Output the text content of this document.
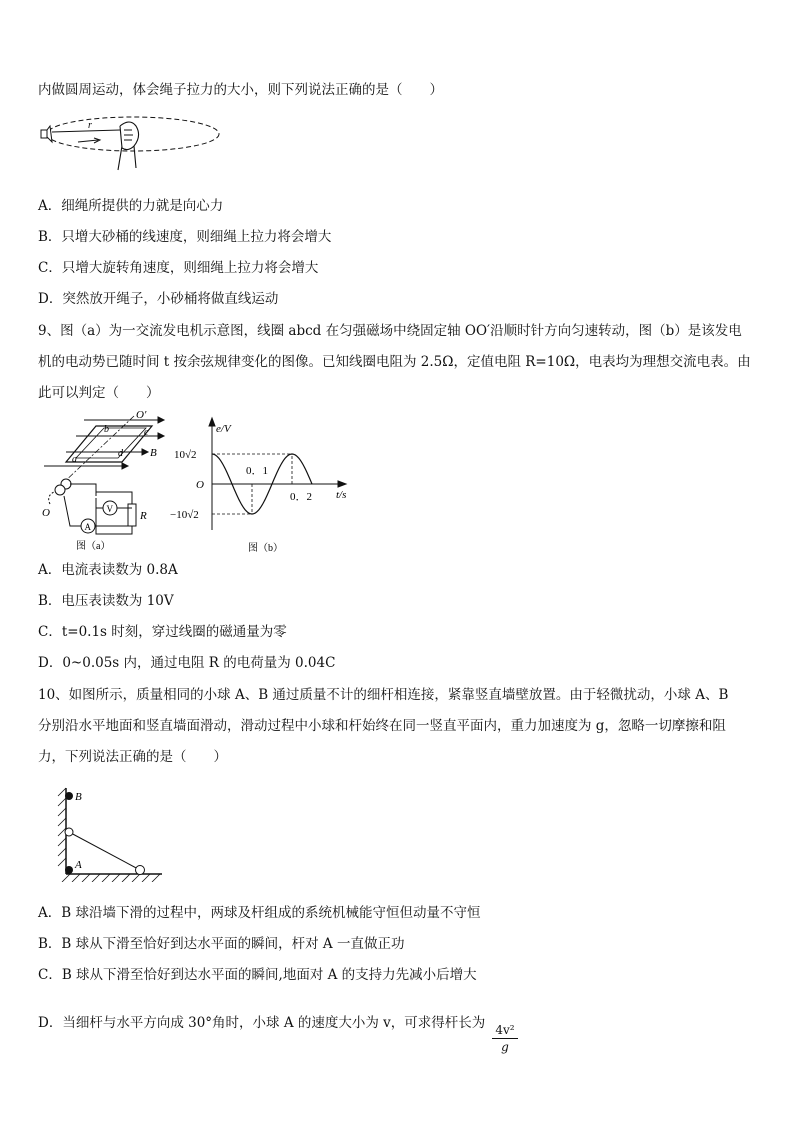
内做圆周运动，体会绳子拉力的大小，则下列说法正确的是（　　）
r
A．细绳所提供的力就是向心力
B．只增大砂桶的线速度，则细绳上拉力将会增大
C．只增大旋转角速度，则细绳上拉力将会增大
D．突然放开绳子，小砂桶将做直线运动
9、图（a）为一交流发电机示意图，线圈 abcd 在匀强磁场中绕固定轴 OO′沿顺时针方向匀速转动，图（b）是该发电
机的电动势已随时间 t 按余弦规律变化的图像。已知线圈电阻为 2.5Ω，定值电阻 R=10Ω，电表均为理想交流电表。由
此可以判定（　　）
O′
b	c
B
a
d
O	V
A
R
图（a）
e/V
t/s
O
10√2
−10√2
0．1
0．2
图（b）
A．电流表读数为 0.8A
B．电压表读数为 10V
C．t=0.1s 时刻，穿过线圈的磁通量为零
D．0~0.05s 内，通过电阻 R 的电荷量为 0.04C
10、如图所示，质量相同的小球 A、B 通过质量不计的细杆相连接，紧靠竖直墙壁放置。由于轻微扰动，小球 A、B
分别沿水平地面和竖直墙面滑动，滑动过程中小球和杆始终在同一竖直平面内，重力加速度为 g，忽略一切摩擦和阻
力，下列说法正确的是（　　）
B
A
A．B 球沿墙下滑的过程中，两球及杆组成的系统机械能守恒但动量不守恒
B．B 球从下滑至恰好到达水平面的瞬间，杆对 A 一直做正功
C．B 球从下滑至恰好到达水平面的瞬间,地面对 A 的支持力先减小后增大
D．当细杆与水平方向成 30°角时，小球 A 的速度大小为 v，可求得杆长为 $\frac{\text{4v²}}{g}$
